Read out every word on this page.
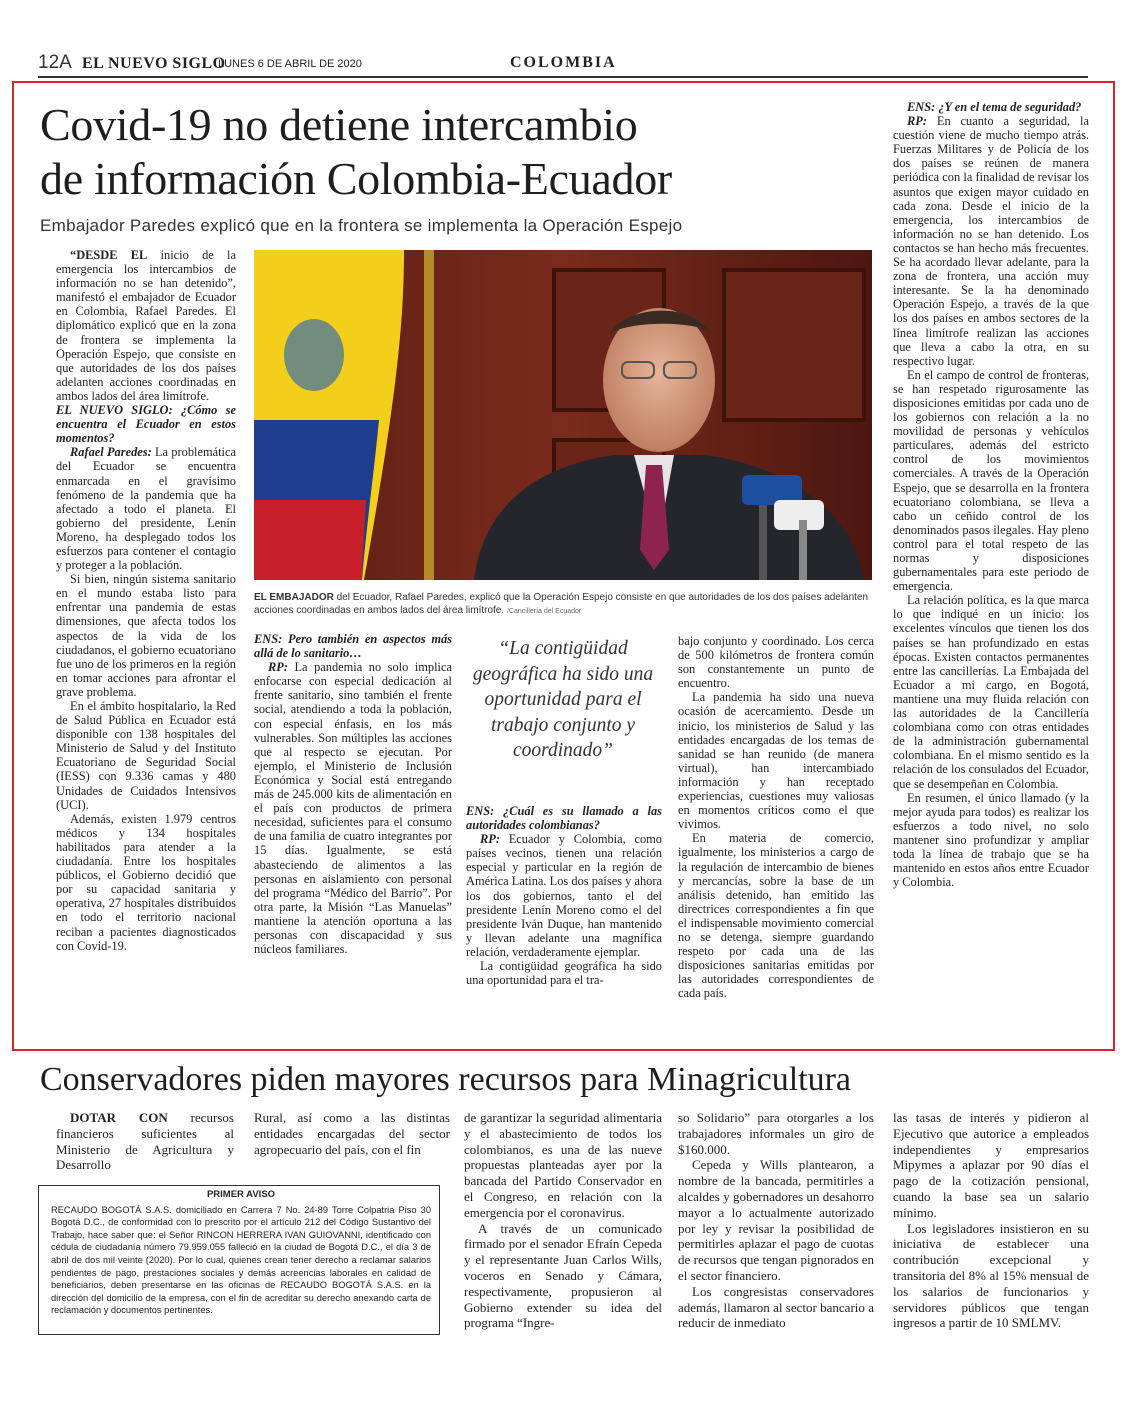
12A EL NUEVO SIGLO
LUNES 6 DE ABRIL DE 2020	COLOMBIA
Covid-19 no detiene intercambio
de información Colombia-Ecuador
Embajador Paredes explicó que en la frontera se implementa la Operación Espejo

“DESDE EL inicio de la emergencia los intercambios de información no se han detenido”, manifestó el embajador de Ecuador en Colombia, Rafael Paredes. El diplomático explicó que en la zona de frontera se implementa la Operación Espejo, que consiste en que autoridades de los dos países adelanten acciones coordinadas en ambos lados del área limítrofe.

EL NUEVO SIGLO: ¿Cómo se encuentra el Ecuador en estos momentos?

Rafael Paredes: La problemática del Ecuador se encuentra enmarcada en el gravísimo fenómeno de la pandemia que ha afectado a todo el planeta. El gobierno del presidente, Lenín Moreno, ha desplegado todos los esfuerzos para contener el contagio y proteger a la población.

Si bien, ningún sistema sanitario en el mundo estaba listo para enfrentar una pandemia de estas dimensiones, que afecta todos los aspectos de la vida de los ciudadanos, el gobierno ecuatoriano fue uno de los primeros en la región en tomar acciones para afrontar el grave problema.

En el ámbito hospitalario, la Red de Salud Pública en Ecuador está disponible con 138 hospitales del Ministerio de Salud y del Instituto Ecuatoriano de Seguridad Social (IESS) con 9.336 camas y 480 Unidades de Cuidados Intensivos (UCI).

Además, existen 1.979 centros médicos y 134 hospitales habilitados para atender a la ciudadanía. Entre los hospitales públicos, el Gobierno decidió que por su capacidad sanitaria y operativa, 27 hospitales distribuidos en todo el territorio nacional reciban a pacientes diagnosticados con Covid-19.

EL EMBAJADOR del Ecuador, Rafael Paredes, explicó que la Operación Espejo consiste en que autoridades de los dos países adelanten acciones coordinadas en ambos lados del área limítrofe. /Cancillería del Ecuador

ENS: Pero también en aspectos más allá de lo sanitario…

RP: La pandemia no solo implica enfocarse con especial dedicación al frente sanitario, sino también el frente social, atendiendo a toda la población, con especial énfasis, en los más vulnerables. Son múltiples las acciones que al respecto se ejecutan. Por ejemplo, el Ministerio de Inclusión Económica y Social está entregando más de 245.000 kits de alimentación en el país con productos de primera necesidad, suficientes para el consumo de una familia de cuatro integrantes por 15 días. Igualmente, se está abasteciendo de alimentos a las personas en aislamiento con personal del programa “Médico del Barrio”. Por otra parte, la Misión “Las Manuelas” mantiene la atención oportuna a las personas con discapacidad y sus núcleos familiares.

“La contigüidad geográfica ha sido una oportunidad para el trabajo conjunto y coordinado”

ENS: ¿Cuál es su llamado a las autoridades colombianas?

RP: Ecuador y Colombia, como países vecinos, tienen una relación especial y particular en la región de América Latina. Los dos países y ahora los dos gobiernos, tanto el del presidente Lenín Moreno como el del presidente Iván Duque, han mantenido y llevan adelante una magnífica relación, verdaderamente ejemplar.

La contigüidad geográfica ha sido una oportunidad para el tra-

bajo conjunto y coordinado. Los cerca de 500 kilómetros de frontera común son constantemente un punto de encuentro.

La pandemia ha sido una nueva ocasión de acercamiento. Desde un inicio, los ministerios de Salud y las entidades encargadas de los temas de sanidad se han reunido (de manera virtual), han intercambiado información y han receptado experiencias, cuestiones muy valiosas en momentos críticos como el que vivimos.

En materia de comercio, igualmente, los ministerios a cargo de la regulación de intercambio de bienes y mercancías, sobre la base de un análisis detenido, han emitido las directrices correspondientes a fin que el indispensable movimiento comercial no se detenga, siempre guardando respeto por cada una de las disposiciones sanitarias emitidas por las autoridades correspondientes de cada país.

ENS: ¿Y en el tema de seguridad?

RP: En cuanto a seguridad, la cuestión viene de mucho tiempo atrás. Fuerzas Militares y de Policía de los dos países se reúnen de manera periódica con la finalidad de revisar los asuntos que exigen mayor cuidado en cada zona. Desde el inicio de la emergencia, los intercambios de información no se han detenido. Los contactos se han hecho más frecuentes. Se ha acordado llevar adelante, para la zona de frontera, una acción muy interesante. Se la ha denominado Operación Espejo, a través de la que los dos países en ambos sectores de la línea limítrofe realizan las acciones que lleva a cabo la otra, en su respectivo lugar.

En el campo de control de fronteras, se han respetado rigurosamente las disposiciones emitidas por cada uno de los gobiernos con relación a la no movilidad de personas y vehículos particulares, además del estricto control de los movimientos comerciales. A través de la Operación Espejo, que se desarrolla en la frontera ecuatoriano colombiana, se lleva a cabo un ceñido control de los denominados pasos ilegales. Hay pleno control para el total respeto de las normas y disposiciones gubernamentales para este periodo de emergencia.

La relación política, es la que marca lo que indiqué en un inicio: los excelentes vínculos que tienen los dos países se han profundizado en estas épocas. Existen contactos permanentes entre las cancillerías. La Embajada del Ecuador a mi cargo, en Bogotá, mantiene una muy fluida relación con las autoridades de la Cancillería colombiana como con otras entidades de la administración gubernamental colombiana. En el mismo sentido es la relación de los consulados del Ecuador, que se desempeñan en Colombia.

En resumen, el único llamado (y la mejor ayuda para todos) es realizar los esfuerzos a todo nivel, no solo mantener sino profundizar y ampliar toda la línea de trabajo que se ha mantenido en estos años entre Ecuador y Colombia.

Conservadores piden mayores recursos para Minagricultura

DOTAR CON recursos financieros suficientes al Ministerio de Agricultura y Desarrollo

Rural, así como a las distintas entidades encargadas del sector agropecuario del país, con el fin

de garantizar la seguridad alimentaria y el abastecimiento de todos los colombianos, es una de las nueve propuestas planteadas ayer por la bancada del Partido Conservador en el Congreso, en relación con la emergencia por el coronavirus.

A través de un comunicado firmado por el senador Efraín Cepeda y el representante Juan Carlos Wills, voceros en Senado y Cámara, respectivamente, propusieron al Gobierno extender su idea del programa “Ingre-

so Solidario” para otorgarles a los trabajadores informales un giro de $160.000.

Cepeda y Wills plantearon, a nombre de la bancada, permitirles a alcaldes y gobernadores un desahorro mayor a lo actualmente autorizado por ley y revisar la posibilidad de permitirles aplazar el pago de cuotas de recursos que tengan pignorados en el sector financiero.

Los congresistas conservadores además, llamaron al sector bancario a reducir de inmediato

las tasas de interés y pidieron al Ejecutivo que autorice a empleados independientes y empresarios Mipymes a aplazar por 90 días el pago de la cotización pensional, cuando la base sea un salario mínimo.

Los legisladores insistieron en su iniciativa de establecer una contribución excepcional y transitoria del 8% al 15% mensual de los salarios de funcionarios y servidores públicos que tengan ingresos a partir de 10 SMLMV.

PRIMER AVISO
RECAUDO BOGOTÁ S.A.S. domiciliado en Carrera 7 No. 24-89 Torre Colpatria Piso 30 Bogotá D.C., de conformidad con lo prescrito por el artículo 212 del Código Sustantivo del Trabajo, hace saber que: el Señor RINCON HERRERA IVAN GUIOVANNI, identificado con cédula de ciudadanía número 79.959.055 falleció en la ciudad de Bogotá D.C., el día 3 de abril de dos mil veinte (2020). Por lo cual, quienes crean tener derecho a reclamar salarios pendientes de pago, prestaciones sociales y demás acreencias laborales en calidad de beneficiarios, deben presentarse en las oficinas de RECAUDO BOGOTÁ S.A.S. en la dirección del domicilio de la empresa, con el fin de acreditar su derecho anexando carta de reclamación y documentos pertinentes.
